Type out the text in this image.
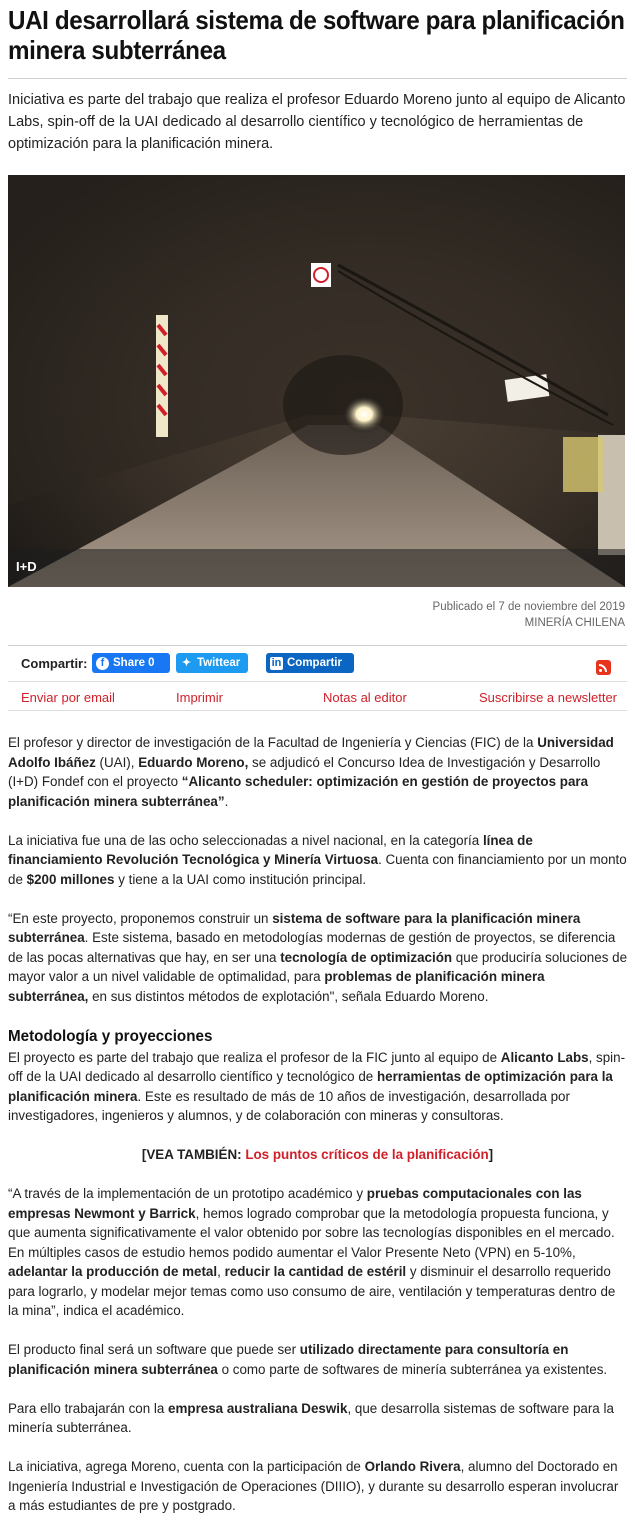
UAI desarrollará sistema de software para planificación minera subterránea

Iniciativa es parte del trabajo que realiza el profesor Eduardo Moreno junto al equipo de Alicanto Labs, spin-off de la UAI dedicado al desarrollo científico y tecnológico de herramientas de optimización para la planificación minera.

I+D
Publicado el 7 de noviembre del 2019
MINERÍA CHILENA
Compartir:	f Share 0 ✦ Twittear	in Compartir
Enviar por email	Imprimir	Notas al editor	Suscribirse a newsletter

El profesor y director de investigación de la Facultad de Ingeniería y Ciencias (FIC) de la Universidad Adolfo Ibáñez (UAI), Eduardo Moreno, se adjudicó el Concurso Idea de Investigación y Desarrollo (I+D) Fondef con el proyecto “Alicanto scheduler: optimización en gestión de proyectos para planificación minera subterránea”.

La iniciativa fue una de las ocho seleccionadas a nivel nacional, en la categoría línea de financiamiento Revolución Tecnológica y Minería Virtuosa. Cuenta con financiamiento por un monto de $200 millones y tiene a la UAI como institución principal.

“En este proyecto, proponemos construir un sistema de software para la planificación minera subterránea. Este sistema, basado en metodologías modernas de gestión de proyectos, se diferencia de las pocas alternativas que hay, en ser una tecnología de optimización que produciría soluciones de mayor valor a un nivel validable de optimalidad, para problemas de planificación minera subterránea, en sus distintos métodos de explotación", señala Eduardo Moreno.

Metodología y proyecciones

El proyecto es parte del trabajo que realiza el profesor de la FIC junto al equipo de Alicanto Labs, spin-off de la UAI dedicado al desarrollo científico y tecnológico de herramientas de optimización para la planificación minera. Este es resultado de más de 10 años de investigación, desarrollada por investigadores, ingenieros y alumnos, y de colaboración con mineras y consultoras.

[VEA TAMBIÉN: Los puntos críticos de la planificación]

“A través de la implementación de un prototipo académico y pruebas computacionales con las empresas Newmont y Barrick, hemos logrado comprobar que la metodología propuesta funciona, y que aumenta significativamente el valor obtenido por sobre las tecnologías disponibles en el mercado. En múltiples casos de estudio hemos podido aumentar el Valor Presente Neto (VPN) en 5-10%, adelantar la producción de metal, reducir la cantidad de estéril y disminuir el desarrollo requerido para lograrlo, y modelar mejor temas como uso consumo de aire, ventilación y temperaturas dentro de la mina”, indica el académico.

El producto final será un software que puede ser utilizado directamente para consultoría en planificación minera subterránea o como parte de softwares de minería subterránea ya existentes.

Para ello trabajarán con la empresa australiana Deswik, que desarrolla sistemas de software para la minería subterránea.

La iniciativa, agrega Moreno, cuenta con la participación de Orlando Rivera, alumno del Doctorado en Ingeniería Industrial e Investigación de Operaciones (DIIIO), y durante su desarrollo esperan involucrar a más estudiantes de pre y postgrado.
